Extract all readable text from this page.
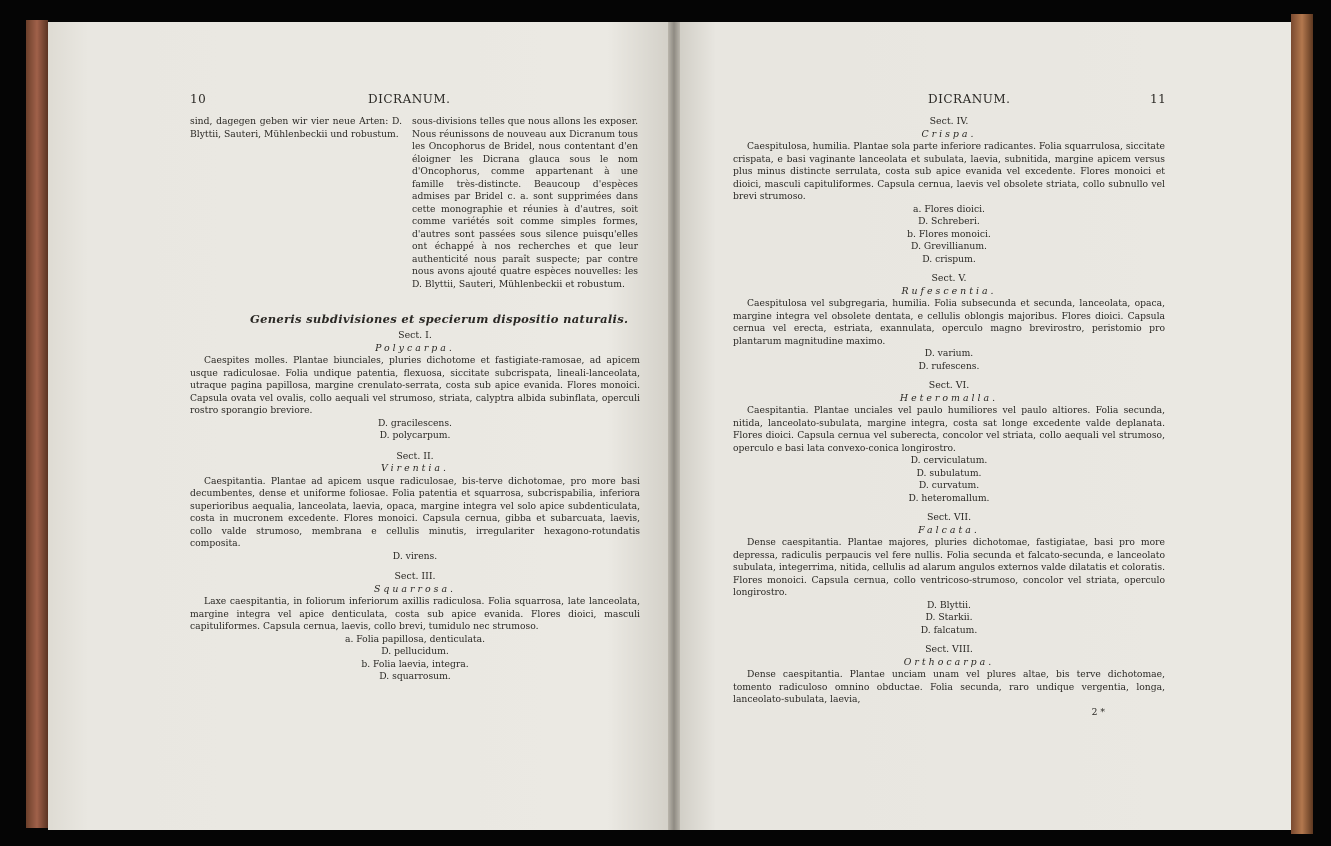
10	DICRANUM.

sind, dagegen geben wir vier neue Arten: D. Blyttii, Sauteri, Mühlenbeckii und robustum.

sous-divisions telles que nous allons les exposer. Nous réunissons de nouveau aux Dicranum tous les Oncophorus de Bridel, nous contentant d'en éloigner les Dicrana glauca sous le nom d'Oncophorus, comme appartenant à une famille très-distincte. Beaucoup d'espèces admises par Bridel c. a. sont supprimées dans cette monographie et réunies à d'autres, soit comme variétés soit comme simples formes, d'autres sont passées sous silence puisqu'elles ont échappé à nos recherches et que leur authenticité nous paraît suspecte; par contre nous avons ajouté quatre espèces nouvelles: les D. Blyttii, Sauteri, Mühlenbeckii et robustum.

Generis subdivisiones et specierum dispositio naturalis.
Sect. I.
Polycarpa.

Caespites molles. Plantae biunciales, pluries dichotome et fastigiate-ramosae, ad apicem usque radiculosae. Folia undique patentia, flexuosa, siccitate subcrispata, lineali-lanceolata, utraque pagina papillosa, margine crenulato-serrata, costa sub apice evanida. Flores monoici. Capsula ovata vel ovalis, collo aequali vel strumoso, striata, calyptra albida subinflata, operculi rostro sporangio breviore.

D. gracilescens.
D. polycarpum.
Sect. II.
Virentia.

Caespitantia. Plantae ad apicem usque radiculosae, bis-terve dichotomae, pro more basi decumbentes, dense et uniforme foliosae. Folia patentia et squarrosa, subcrispabilia, inferiora superioribus aequalia, lanceolata, laevia, opaca, margine integra vel solo apice subdenticulata, costa in mucronem excedente. Flores monoici. Capsula cernua, gibba et subarcuata, laevis, collo valde strumoso, membrana e cellulis minutis, irregulariter hexagono-rotundatis composita.

D. virens.
Sect. III.
Squarrosa.

Laxe caespitantia, in foliorum inferiorum axillis radiculosa. Folia squarrosa, late lanceolata, margine integra vel apice denticulata, costa sub apice evanida. Flores dioici, masculi capituliformes. Capsula cernua, laevis, collo brevi, tumidulo nec strumoso.

a. Folia papillosa, denticulata.
D. pellucidum.
b. Folia laevia, integra.
D. squarrosum.
DICRANUM.	11
Sect. IV.
Crispa.

Caespitulosa, humilia. Plantae sola parte inferiore radicantes. Folia squarrulosa, siccitate crispata, e basi vaginante lanceolata et subulata, laevia, subnitida, margine apicem versus plus minus distincte serrulata, costa sub apice evanida vel excedente. Flores monoici et dioici, masculi capituliformes. Capsula cernua, laevis vel obsolete striata, collo subnullo vel brevi strumoso.

a. Flores dioici.
D. Schreberi.
b. Flores monoici.
D. Grevillianum.
D. crispum.
Sect. V.
Rufescentia.

Caespitulosa vel subgregaria, humilia. Folia subsecunda et secunda, lanceolata, opaca, margine integra vel obsolete dentata, e cellulis oblongis majoribus. Flores dioici. Capsula cernua vel erecta, estriata, exannulata, operculo magno brevirostro, peristomio pro plantarum magnitudine maximo.

D. varium.
D. rufescens.
Sect. VI.
Heteromalla.

Caespitantia. Plantae unciales vel paulo humiliores vel paulo altiores. Folia secunda, nitida, lanceolato-subulata, margine integra, costa sat longe excedente valde deplanata. Flores dioici. Capsula cernua vel suberecta, concolor vel striata, collo aequali vel strumoso, operculo e basi lata convexo-conica longirostro.

D. cerviculatum.
D. subulatum.
D. curvatum.
D. heteromallum.
Sect. VII.
Falcata.

Dense caespitantia. Plantae majores, pluries dichotomae, fastigiatae, basi pro more depressa, radiculis perpaucis vel fere nullis. Folia secunda et falcato-secunda, e lanceolato subulata, integerrima, nitida, cellulis ad alarum angulos externos valde dilatatis et coloratis. Flores monoici. Capsula cernua, collo ventricoso-strumoso, concolor vel striata, operculo longirostro.

D. Blyttii.
D. Starkii.
D. falcatum.
Sect. VIII.
Orthocarpa.

Dense caespitantia. Plantae unciam unam vel plures altae, bis terve dichotomae, tomento radiculoso omnino obductae. Folia secunda, raro undique vergentia, longa, lanceolato-subulata, laevia,

2 *
